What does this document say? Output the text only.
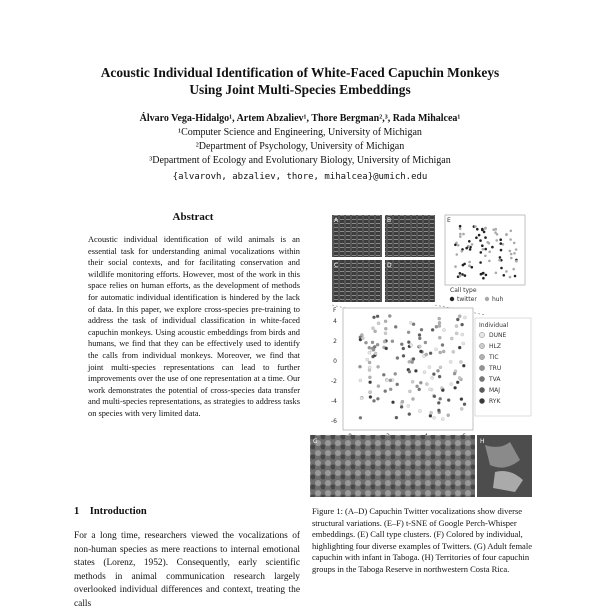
Acoustic Individual Identification of White-Faced Capuchin Monkeys
Using Joint Multi-Species Embeddings
Álvaro Vega-Hidalgo¹, Artem Abzaliev¹, Thore Bergman²,³, Rada Mihalcea¹
¹Computer Science and Engineering, University of Michigan
²Department of Psychology, University of Michigan
³Department of Ecology and Evolutionary Biology, University of Michigan
{alvarovh, abzaliev, thore, mihalcea}@umich.edu
Abstract
Acoustic individual identification of wild animals is an essential task for understanding animal vocalizations within their social contexts, and for facilitating conservation and wildlife monitoring efforts. However, most of the work in this space relies on human efforts, as the development of methods for automatic individual identification is hindered by the lack of data. In this paper, we explore cross-species pre-training to address the task of individual classification in white-faced capuchin monkeys. Using acoustic embeddings from birds and humans, we find that they can be effectively used to identify the calls from individual monkeys. Moreover, we find that joint multi-species representations can lead to further improvements over the use of one representation at a time. Our work demonstrates the potential of cross-species data transfer and multi-species representations, as strategies to address tasks on species with very limited data.
1 Introduction
For a long time, researchers viewed the vocalizations of non-human species as mere reactions to internal emotional states (Lorenz, 1952). Consequently, early scientific methods in animal communication research largely overlooked individual differences and context, treating the calls
A	B
C	D
E
Call type
twitter	huh
F
4
2
0
-2
-4
-6
Individual
DUNE
HLZ
TIC
TRU
TVA
MAJ
RYK
G	H
Figure 1: (A–D) Capuchin Twitter vocalizations show diverse structural variations. (E–F) t-SNE of Google Perch-Whisper embeddings. (E) Call type clusters. (F) Colored by individual, highlighting four diverse examples of Twitters. (G) Adult female capuchin with infant in Taboga. (H) Territories of four capuchin groups in the Taboga Reserve in northwestern Costa Rica.
